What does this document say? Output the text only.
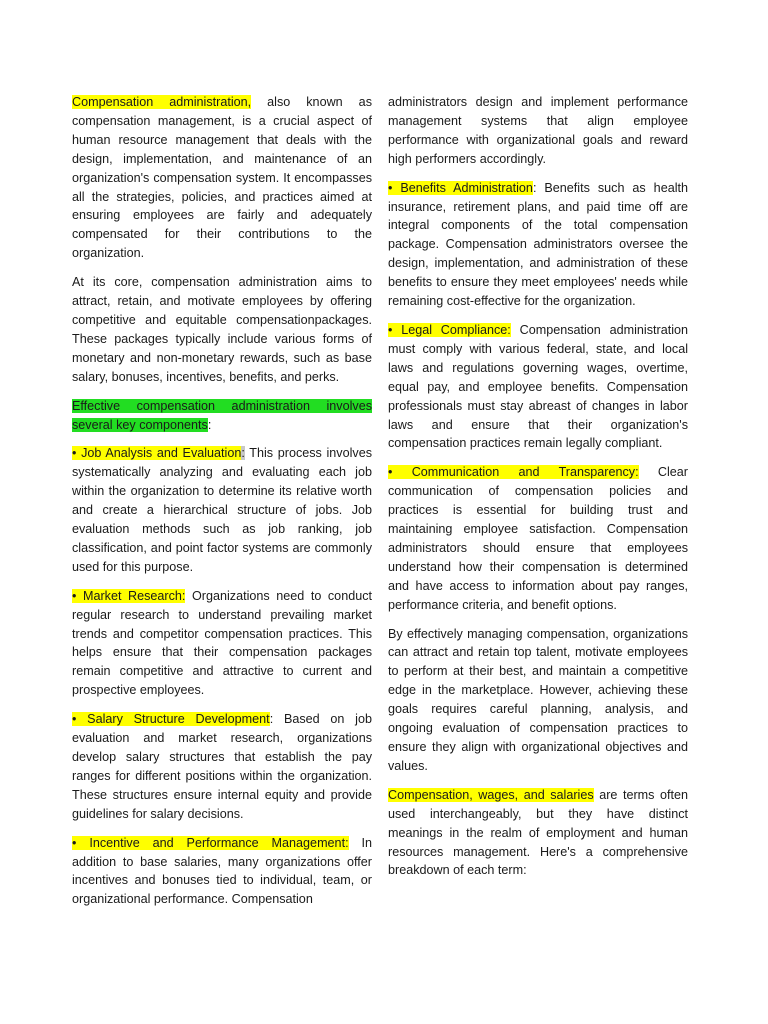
Compensation administration, also known as compensation management, is a crucial aspect of human resource management that deals with the design, implementation, and maintenance of an organization's compensation system. It encompasses all the strategies, policies, and practices aimed at ensuring employees are fairly and adequately compensated for their contributions to the organization.

At its core, compensation administration aims to attract, retain, and motivate employees by offering competitive and equitable compensationpackages. These packages typically include various forms of monetary and non-monetary rewards, such as base salary, bonuses, incentives, benefits, and perks.

Effective compensation administration involves several key components:

• Job Analysis and Evaluation: This process involves systematically analyzing and evaluating each job within the organization to determine its relative worth and create a hierarchical structure of jobs. Job evaluation methods such as job ranking, job classification, and point factor systems are commonly used for this purpose.

• Market Research: Organizations need to conduct regular research to understand prevailing market trends and competitor compensation practices. This helps ensure that their compensation packages remain competitive and attractive to current and prospective employees.

• Salary Structure Development: Based on job evaluation and market research, organizations develop salary structures that establish the pay ranges for different positions within the organization. These structures ensure internal equity and provide guidelines for salary decisions.

• Incentive and Performance Management: In addition to base salaries, many organizations offer incentives and bonuses tied to individual, team, or organizational performance. Compensation

administrators design and implement performance management systems that align employee performance with organizational goals and reward high performers accordingly.

• Benefits Administration: Benefits such as health insurance, retirement plans, and paid time off are integral components of the total compensation package. Compensation administrators oversee the design, implementation, and administration of these benefits to ensure they meet employees' needs while remaining cost-effective for the organization.

• Legal Compliance: Compensation administration must comply with various federal, state, and local laws and regulations governing wages, overtime, equal pay, and employee benefits. Compensation professionals must stay abreast of changes in labor laws and ensure that their organization's compensation practices remain legally compliant.

• Communication and Transparency: Clear communication of compensation policies and practices is essential for building trust and maintaining employee satisfaction. Compensation administrators should ensure that employees understand how their compensation is determined and have access to information about pay ranges, performance criteria, and benefit options.

By effectively managing compensation, organizations can attract and retain top talent, motivate employees to perform at their best, and maintain a competitive edge in the marketplace. However, achieving these goals requires careful planning, analysis, and ongoing evaluation of compensation practices to ensure they align with organizational objectives and values.

Compensation, wages, and salaries are terms often used interchangeably, but they have distinct meanings in the realm of employment and human resources management. Here's a comprehensive breakdown of each term:
